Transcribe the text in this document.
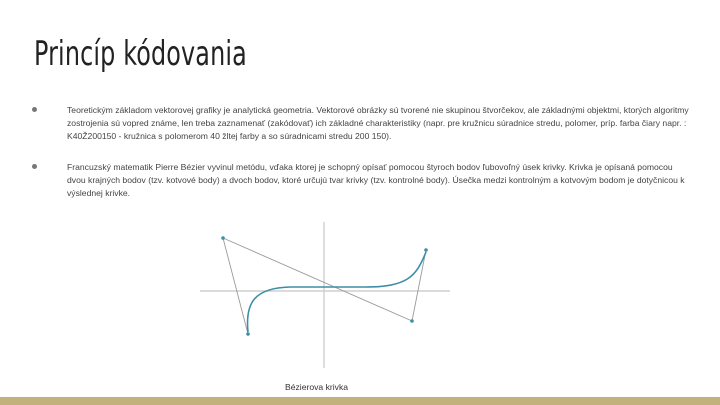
Princíp kódovania
Teoretickým základom vektorovej grafiky je analytická geometria. Vektorové obrázky sú tvorené nie skupinou štvorčekov, ale základnými objektmi, ktorých algoritmy zostrojenia sú vopred známe, len treba zaznamenať (zakódovať) ich základné charakteristiky (napr. pre kružnicu súradnice stredu, polomer, príp. farba čiary napr. : K40Ž200150 - kružnica s polomerom 40 žltej farby a so súradnicami stredu 200 150).
Francuzský matematik Pierre Bézier vyvinul metódu, vďaka ktorej je schopný opísať pomocou štyroch bodov ľubovoľný úsek krivky. Krivka je opísaná pomocou dvou krajných bodov (tzv. kotvové body) a dvoch bodov, ktoré určujú tvar krivky (tzv. kontrolné body). Úsečka medzi kontrolným a kotvovým bodom je dotyčnicou k výslednej krivke.
Bézierova krivka
